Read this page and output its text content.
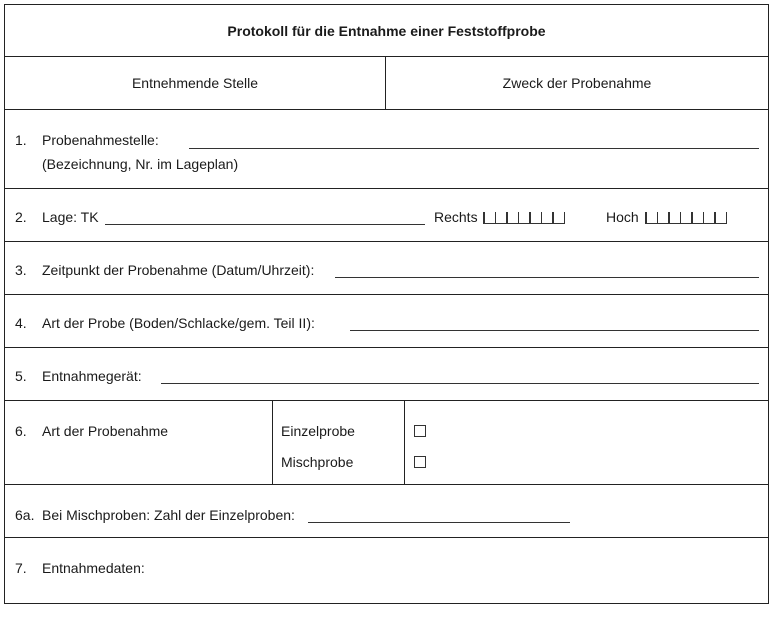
Protokoll für die Entnahme einer Feststoffprobe
Entnehmende Stelle	Zweck der Probenahme
1. Probenahmestelle:
(Bezeichnung, Nr. im Lageplan)
2. Lage: TK	Rechts	Hoch
3. Zeitpunkt der Probenahme (Datum/Uhrzeit):
4. Art der Probe (Boden/Schlacke/gem. Teil II):
5. Entnahmegerät:
6. Art der Probenahme	Einzelprobe
Mischprobe
6a. Bei Mischproben: Zahl der Einzelproben:
7. Entnahmedaten:
